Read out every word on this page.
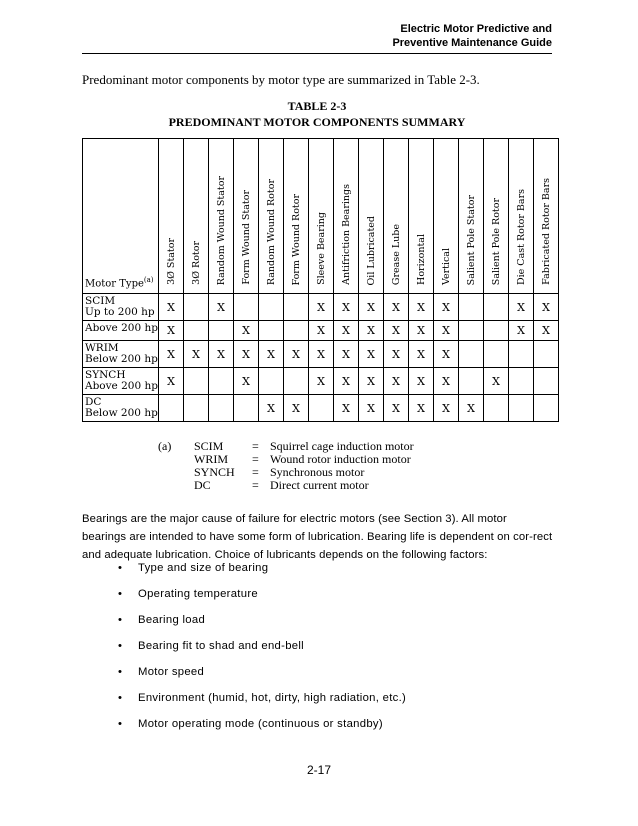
Electric Motor Predictive and
Preventive Maintenance Guide
Predominant motor components by motor type are summarized in Table 2-3.
TABLE 2-3
PREDOMINANT MOTOR COMPONENTS SUMMARY
Motor Type$^{(a)}$	3Ø Stator	3Ø Rotor	Random Wound Stator	Form Wound Stator	Random Wound Rotor	Form Wound Rotor	Sleeve Bearing	Antifriction Bearings	Oil Lubricated	Grease Lube	Horizontal	Vertical	Salient Pole Stator	Salient Pole Rotor	Die Cast Rotor Bars	Fabricated Rotor Bars

SCIM
Up to 200 hp	X		X				X	X	X	X	X	X			X	X

Above 200 hp	X			X			X	X	X	X	X	X			X	X

WRIM
Below 200 hp	X	X	X	X	X	X	X	X	X	X	X	X				

SYNCH
Above 200 hp	X			X			X	X	X	X	X	X		X		

DC
Below 200 hp					X	X		X	X	X	X	X	X			
(a) SCIM = Squirrel cage induction motor
WRIM = Wound rotor induction motor
SYNCH = Synchronous motor
DC	= Direct current motor
Bearings are the major cause of failure for electric motors (see Section 3). All motor bearings are intended to have some form of lubrication. Bearing life is dependent on cor-rect and adequate lubrication. Choice of lubricants depends on the following factors:
• Type and size of bearing
• Operating temperature
• Bearing load
• Bearing fit to shad and end-bell
• Motor speed
• Environment (humid, hot, dirty, high radiation, etc.)
• Motor operating mode (continuous or standby)
2-17
